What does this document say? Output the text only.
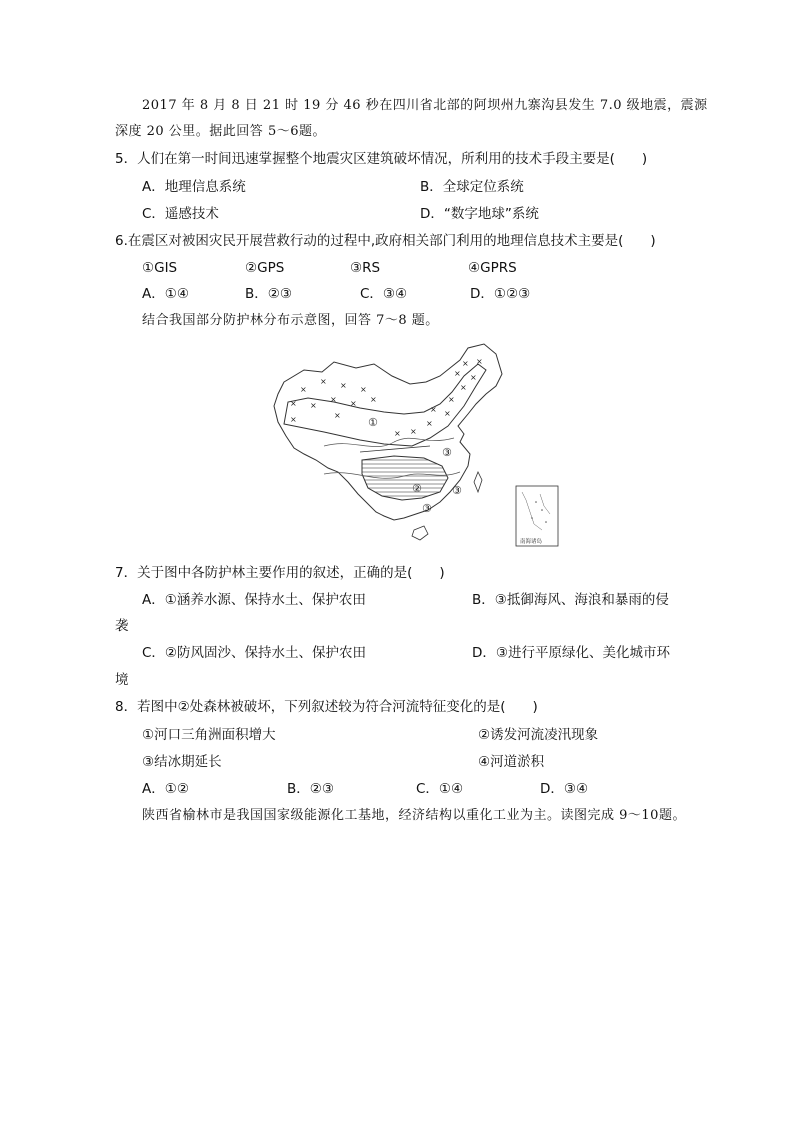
2017 年 8 月 8 日 21 时 19 分 46 秒在四川省北部的阿坝州九寨沟县发生 7.0 级地震，震源
深度 20 公里。据此回答 5～6题。
5．人们在第一时间迅速掌握整个地震灾区建筑破坏情况，所利用的技术手段主要是(　　)
A．地理信息系统	B．全球定位系统
C．遥感技术	D．“数字地球”系统
6.在震区对被困灾民开展营救行动的过程中,政府相关部门利用的地理信息技术主要是(　　)
①GIS	②GPS	③RS	④GPRS
A．①④	B．②③	C．③④	D．①②③
结合我国部分防护林分布示意图，回答 7～8 题。
×
× × ×
× ×
× × ×
×	×
× ×
×
×
×
×
×
×
× ×
×
①
②
③
③
③
南海诸岛
7．关于图中各防护林主要作用的叙述，正确的是(　　)
A．①涵养水源、保持水土、保护农田	B．③抵御海风、海浪和暴雨的侵
袭
C．②防风固沙、保持水土、保护农田	D．③进行平原绿化、美化城市环
境
8．若图中②处森林被破坏，下列叙述较为符合河流特征变化的是(　　)
①河口三角洲面积增大	②诱发河流凌汛现象
③结冰期延长	④河道淤积
A．①②	B．②③	C．①④	D．③④
陕西省榆林市是我国国家级能源化工基地，经济结构以重化工业为主。读图完成 9～10题。
